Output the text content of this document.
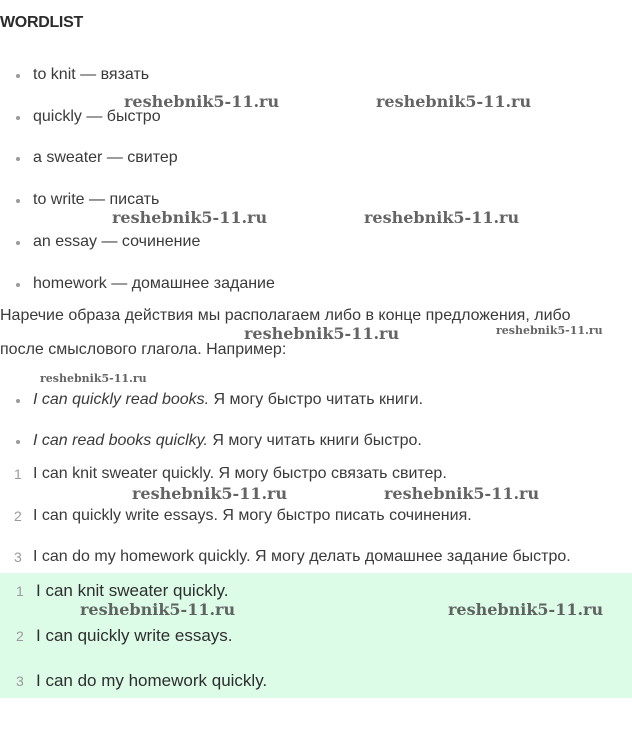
WORDLIST
to knit — вязать
quickly — быстро
a sweater — свитер
to write — писать
an essay — сочинение
homework — домашнее задание
Наречие образа действия мы располагаем либо в конце предложения, либо
после смыслового глагола. Например:
I can quickly read books. Я могу быстро читать книги.
I can read books quiclky. Я могу читать книги быстро.
1 I can knit sweater quickly. Я могу быстро связать свитер.
2 I can quickly write essays. Я могу быстро писать сочинения.
3 I can do my homework quickly. Я могу делать домашнее задание быстро.
1 I can knit sweater quickly.
2 I can quickly write essays.
3 I can do my homework quickly.
reshebnik5-11.ru	reshebnik5-11.ru
reshebnik5-11.ru	reshebnik5-11.ru
reshebnik5-11.ru	reshebnik5-11.ru
reshebnik5-11.ru
reshebnik5-11.ru	reshebnik5-11.ru
reshebnik5-11.ru	reshebnik5-11.ru
